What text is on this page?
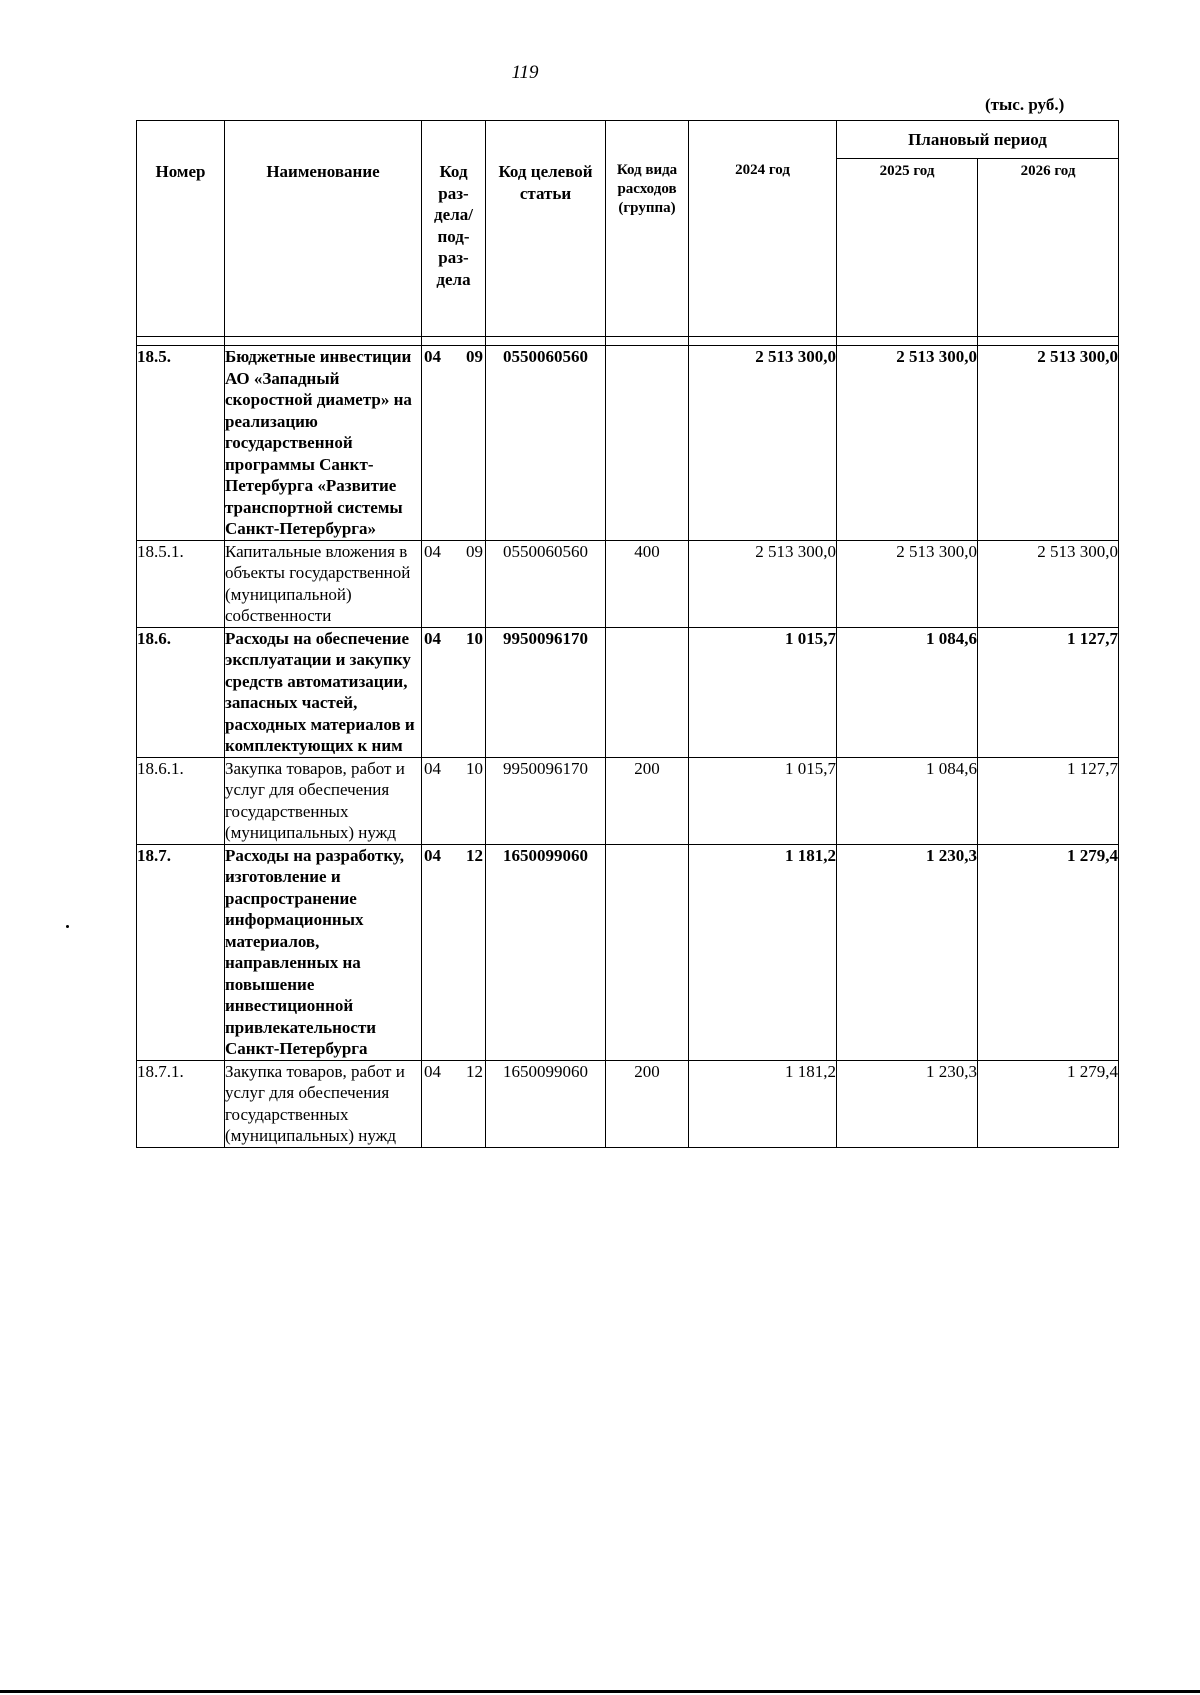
119
(тыс. руб.)
Номер	Наименование	Код раз-дела/ под-раз-дела	Код целевой статьи	Код вида расходов (группа)	2024 год	Плановый период	
						2025 год	2026 год

18.5.	Бюджетные инвестиции АО «Западный скоростной диаметр» на реализацию государственной программы Санкт-Петербурга «Развитие транспортной системы Санкт-Петербурга»	04 09	0550060560		2 513 300,0	2 513 300,0	2 513 300,0
18.5.1.	Капитальные вложения в объекты государственной (муниципальной) собственности	04 09	0550060560	400	2 513 300,0	2 513 300,0	2 513 300,0
18.6.	Расходы на обеспечение эксплуатации и закупку средств автоматизации, запасных частей, расходных материалов и комплектующих к ним	04 10	9950096170		1 015,7	1 084,6	1 127,7
18.6.1.	Закупка товаров, работ и услуг для обеспечения государственных (муниципальных) нужд	04 10	9950096170	200	1 015,7	1 084,6	1 127,7
18.7.	Расходы на разработку, изготовление и распространение информационных материалов, направленных на повышение инвестиционной привлекательности Санкт-Петербурга	04 12	1650099060		1 181,2	1 230,3	1 279,4
18.7.1.	Закупка товаров, работ и услуг для обеспечения государственных (муниципальных) нужд	04 12	1650099060	200	1 181,2	1 230,3	1 279,4
